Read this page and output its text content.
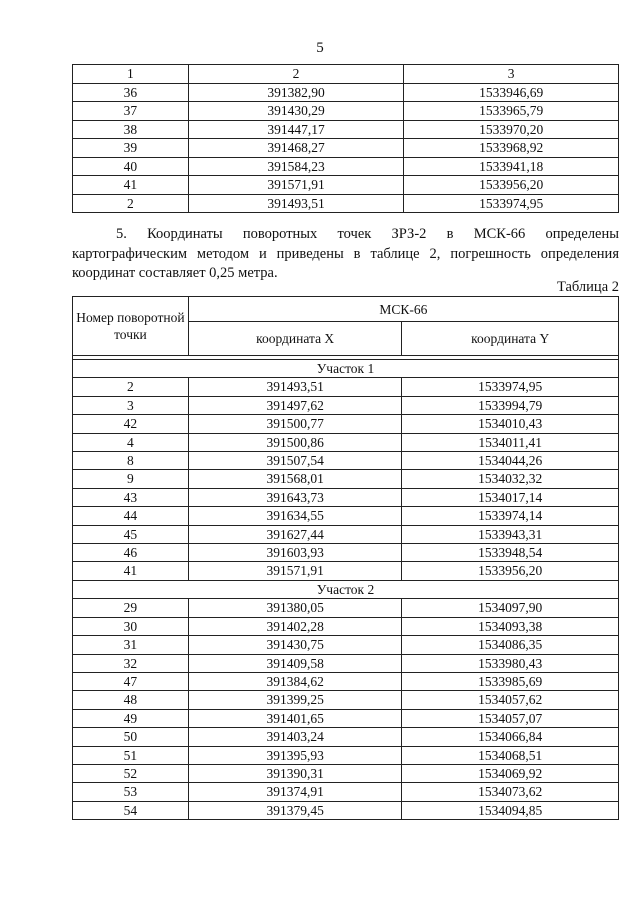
5
1	2	3
36	391382,90	1533946,69
37	391430,29	1533965,79
38	391447,17	1533970,20
39	391468,27	1533968,92
40	391584,23	1533941,18
41	391571,91	1533956,20
2	391493,51	1533974,95
5. Координаты поворотных точек ЗРЗ-2 в МСК-66 определены картографическим методом и приведены в таблице 2, погрешность определения координат составляет 0,25 метра.
Таблица 2
Номер поворотной точки	МСК-66	
	координата X	координата Y

Участок 1		
2	391493,51	1533974,95
3	391497,62	1533994,79
42	391500,77	1534010,43
4	391500,86	1534011,41
8	391507,54	1534044,26
9	391568,01	1534032,32
43	391643,73	1534017,14
44	391634,55	1533974,14
45	391627,44	1533943,31
46	391603,93	1533948,54
41	391571,91	1533956,20
Участок 2		
29	391380,05	1534097,90
30	391402,28	1534093,38
31	391430,75	1534086,35
32	391409,58	1533980,43
47	391384,62	1533985,69
48	391399,25	1534057,62
49	391401,65	1534057,07
50	391403,24	1534066,84
51	391395,93	1534068,51
52	391390,31	1534069,92
53	391374,91	1534073,62
54	391379,45	1534094,85
